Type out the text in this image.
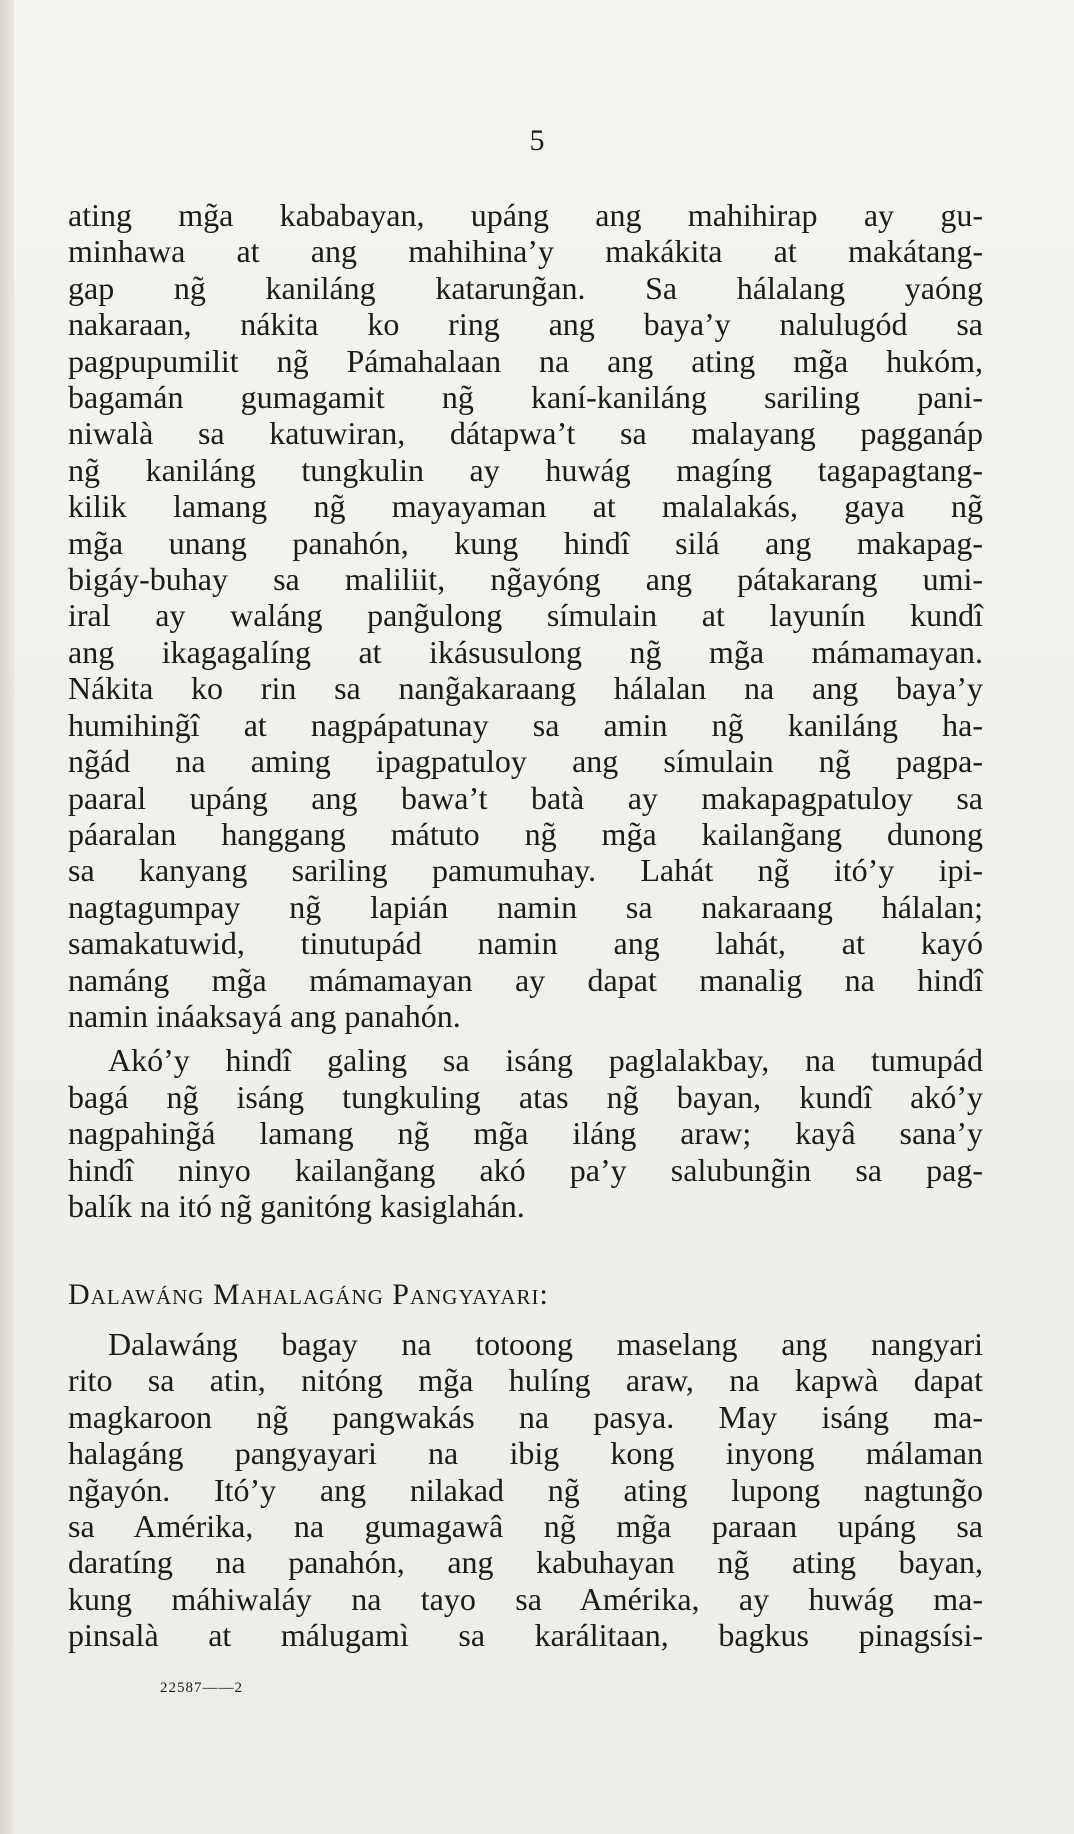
5
ating mg̃a kababayan, upáng ang mahihirap ay gu-
minhawa at ang mahihina’y makákita at makátang-
gap ng̃ kaniláng katarung̃an. Sa hálalang yaóng
nakaraan, nákita ko ring ang baya’y nalulugód sa
pagpupumilit ng̃ Pámahalaan na ang ating mg̃a hukóm,
bagamán gumagamit ng̃ kaní-kaniláng sariling pani-
niwalà sa katuwiran, dátapwa’t sa malayang pagganáp
ng̃ kaniláng tungkulin ay huwág magíng tagapagtang-
kilik lamang ng̃ mayayaman at malalakás, gaya ng̃
mg̃a unang panahón, kung hindî silá ang makapag-
bigáy-buhay sa maliliit, ng̃ayóng ang pátakarang umi-
iral ay waláng pang̃ulong símulain at layunín kundî
ang ikagagalíng at ikásusulong ng̃ mg̃a mámamayan.
Nákita ko rin sa nang̃akaraang hálalan na ang baya’y
humihing̃î at nagpápatunay sa amin ng̃ kaniláng ha-
ng̃ád na aming ipagpatuloy ang símulain ng̃ pagpa-
paaral upáng ang bawa’t batà ay makapagpatuloy sa
páaralan hanggang mátuto ng̃ mg̃a kailang̃ang dunong
sa kanyang sariling pamumuhay. Lahát ng̃ itó’y ipi-
nagtagumpay ng̃ lapián namin sa nakaraang hálalan;
samakatuwid, tinutupád namin ang lahát, at kayó
namáng mg̃a mámamayan ay dapat manalig na hindî
namin ináaksayá ang panahón.
Akó’y hindî galing sa isáng paglalakbay, na tumupád
bagá ng̃ isáng tungkuling atas ng̃ bayan, kundî akó’y
nagpahing̃á lamang ng̃ mg̃a iláng araw; kayâ sana’y
hindî ninyo kailang̃ang akó pa’y salubung̃in sa pag-
balík na itó ng̃ ganitóng kasiglahán.
Dalawáng Mahalagáng Pangyayari:
Dalawáng bagay na totoong maselang ang nangyari
rito sa atin, nitóng mg̃a hulíng araw, na kapwà dapat
magkaroon ng̃ pangwakás na pasya. May isáng ma-
halagáng pangyayari na ibig kong inyong málaman
ng̃ayón. Itó’y ang nilakad ng̃ ating lupong nagtung̃o
sa Amérika, na gumagawâ ng̃ mg̃a paraan upáng sa
daratíng na panahón, ang kabuhayan ng̃ ating bayan,
kung máhiwaláy na tayo sa Amérika, ay huwág ma-
pinsalà at málugamì sa karálitaan, bagkus pinagsísi-
22587——2
